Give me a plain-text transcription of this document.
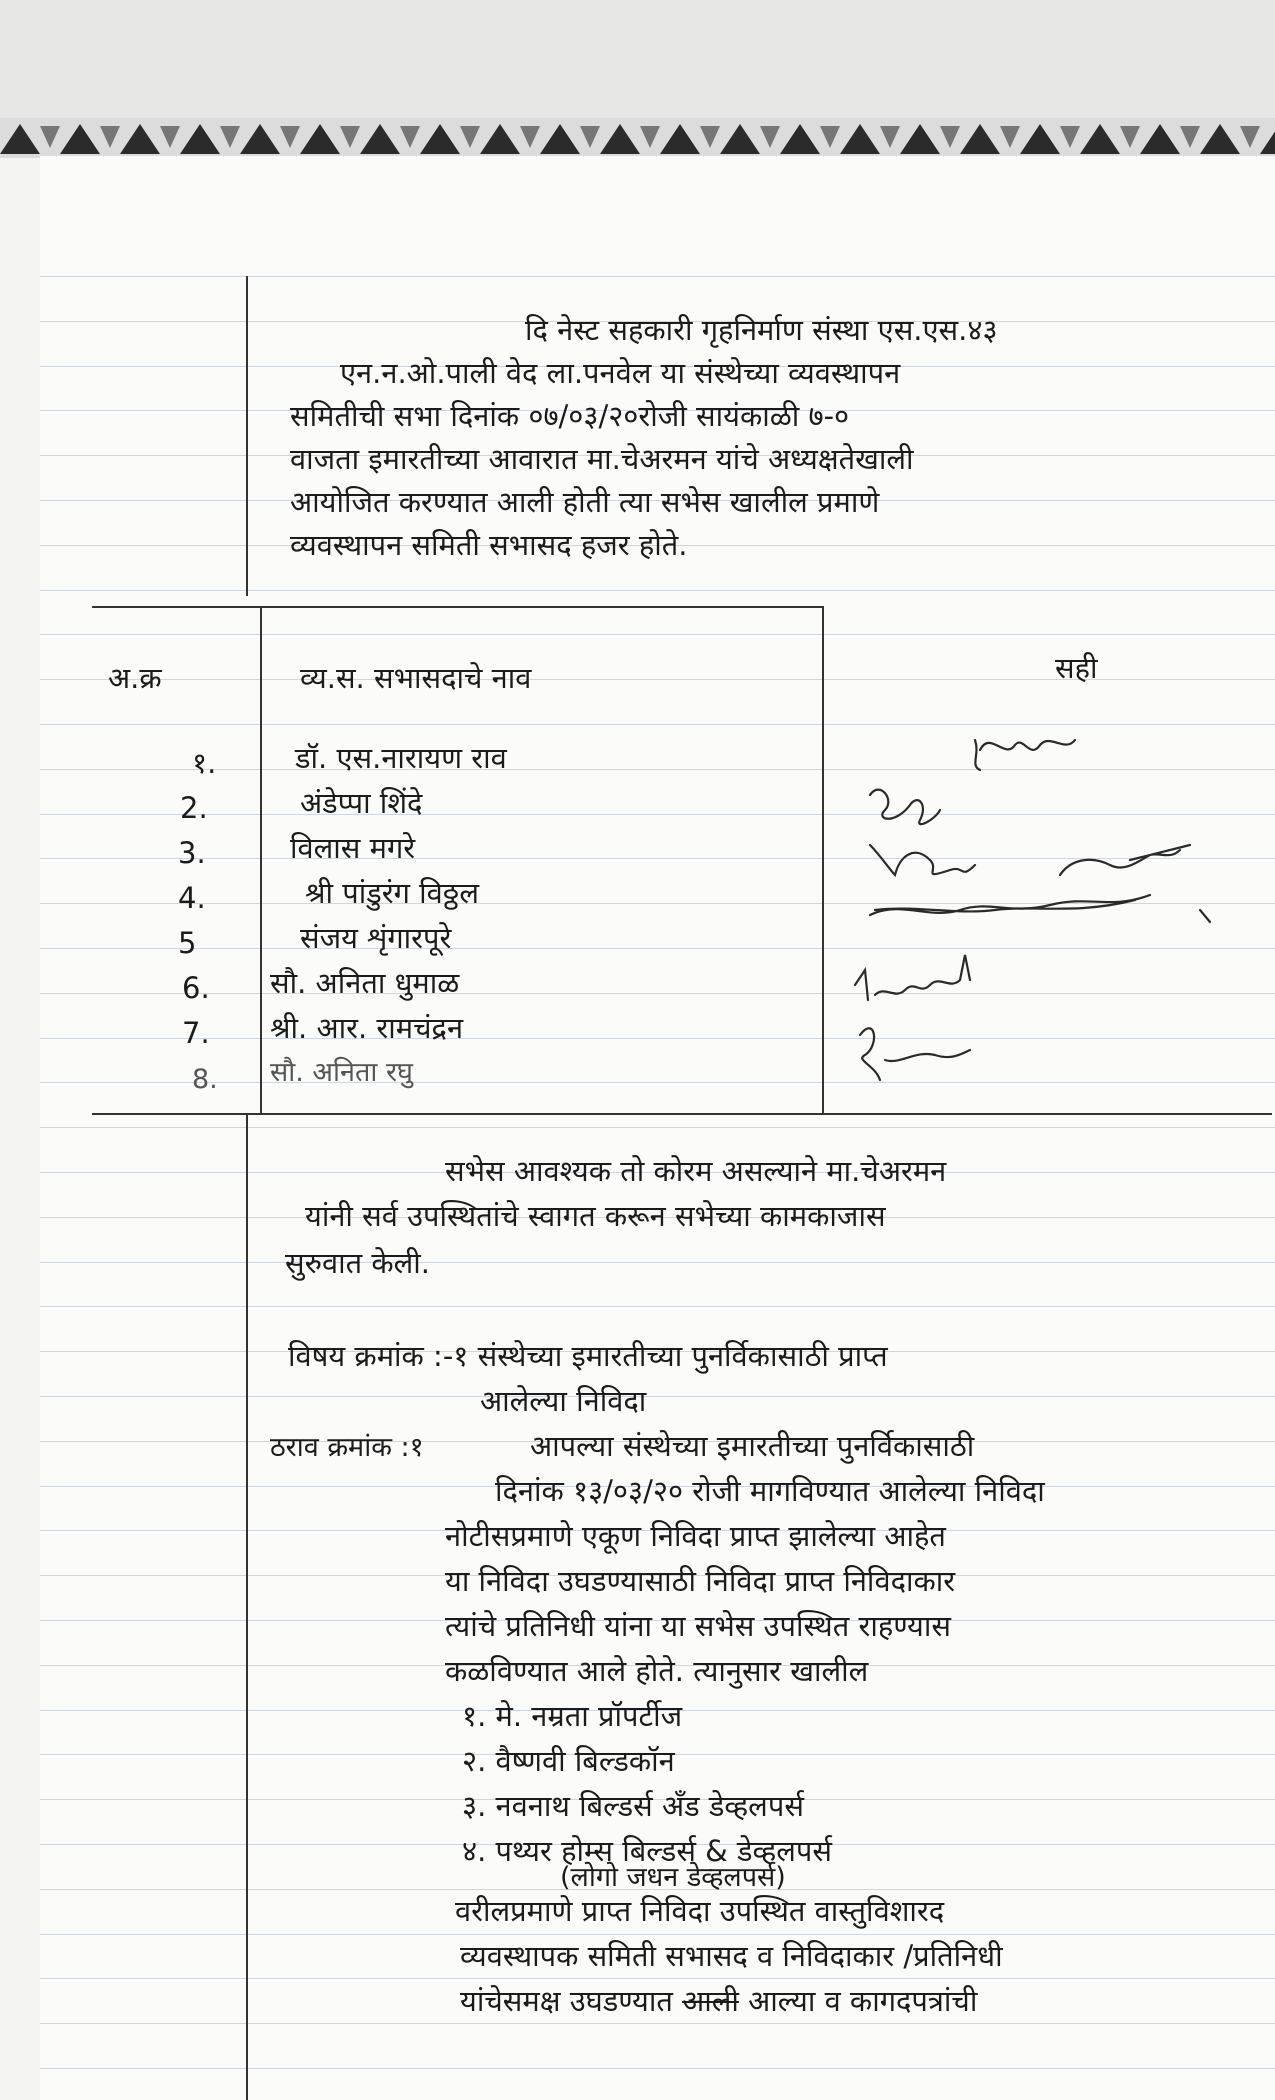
दि नेस्ट सहकारी गृहनिर्माण संस्था एस.एस.४३
एन.न.ओ.पाली वेद ला.पनवेल या संस्थेच्या व्यवस्थापन
समितीची सभा दिनांक ०७/०३/२०रोजी सायंकाळी ७-०
वाजता इमारतीच्या आवारात मा.चेअरमन यांचे अध्यक्षतेखाली
आयोजित करण्यात आली होती त्या सभेस खालील प्रमाणे
व्यवस्थापन समिती सभासद हजर होते.
अ.क्र	व्य.स. सभासदाचे नाव	सही
१.	डॉ. एस.नारायण राव
2.	अंडेप्पा शिंदे
3.	विलास मगरे
4.	श्री पांडुरंग विठ्ठल
5	संजय शृंगारपूरे
6. सौ. अनिता धुमाळ
7. श्री. आर. रामचंद्रन
8. सौ. अनिता रघु
सभेस आवश्यक तो कोरम असल्याने मा.चेअरमन
यांनी सर्व उपस्थितांचे स्वागत करून सभेच्या कामकाजास
सुरुवात केली.
विषय क्रमांक :-१ संस्थेच्या इमारतीच्या पुनर्विकासाठी प्राप्त
आलेल्या निविदा
ठराव क्रमांक :१	आपल्या संस्थेच्या इमारतीच्या पुनर्विकासाठी
दिनांक १३/०३/२० रोजी मागविण्यात आलेल्या निविदा
नोटीसप्रमाणे एकूण निविदा प्राप्त झालेल्या आहेत
या निविदा उघडण्यासाठी निविदा प्राप्त निविदाकार
त्यांचे प्रतिनिधी यांना या सभेस उपस्थित राहण्यास
कळविण्यात आले होते. त्यानुसार खालील
१. मे. नम्रता प्रॉपर्टीज
२. वैष्णवी बिल्डकॉन
३. नवनाथ बिल्डर्स अँड डेव्हलपर्स
४. पथ्यर होम्स बिल्डर्स & डेव्हलपर्स
(लोगो जधन डेव्हलपर्स)
वरीलप्रमाणे प्राप्त निविदा उपस्थित वास्तुविशारद
व्यवस्थापक समिती सभासद व निविदाकार /प्रतिनिधी
यांचेसमक्ष उघडण्यात आली आल्या व कागदपत्रांची
